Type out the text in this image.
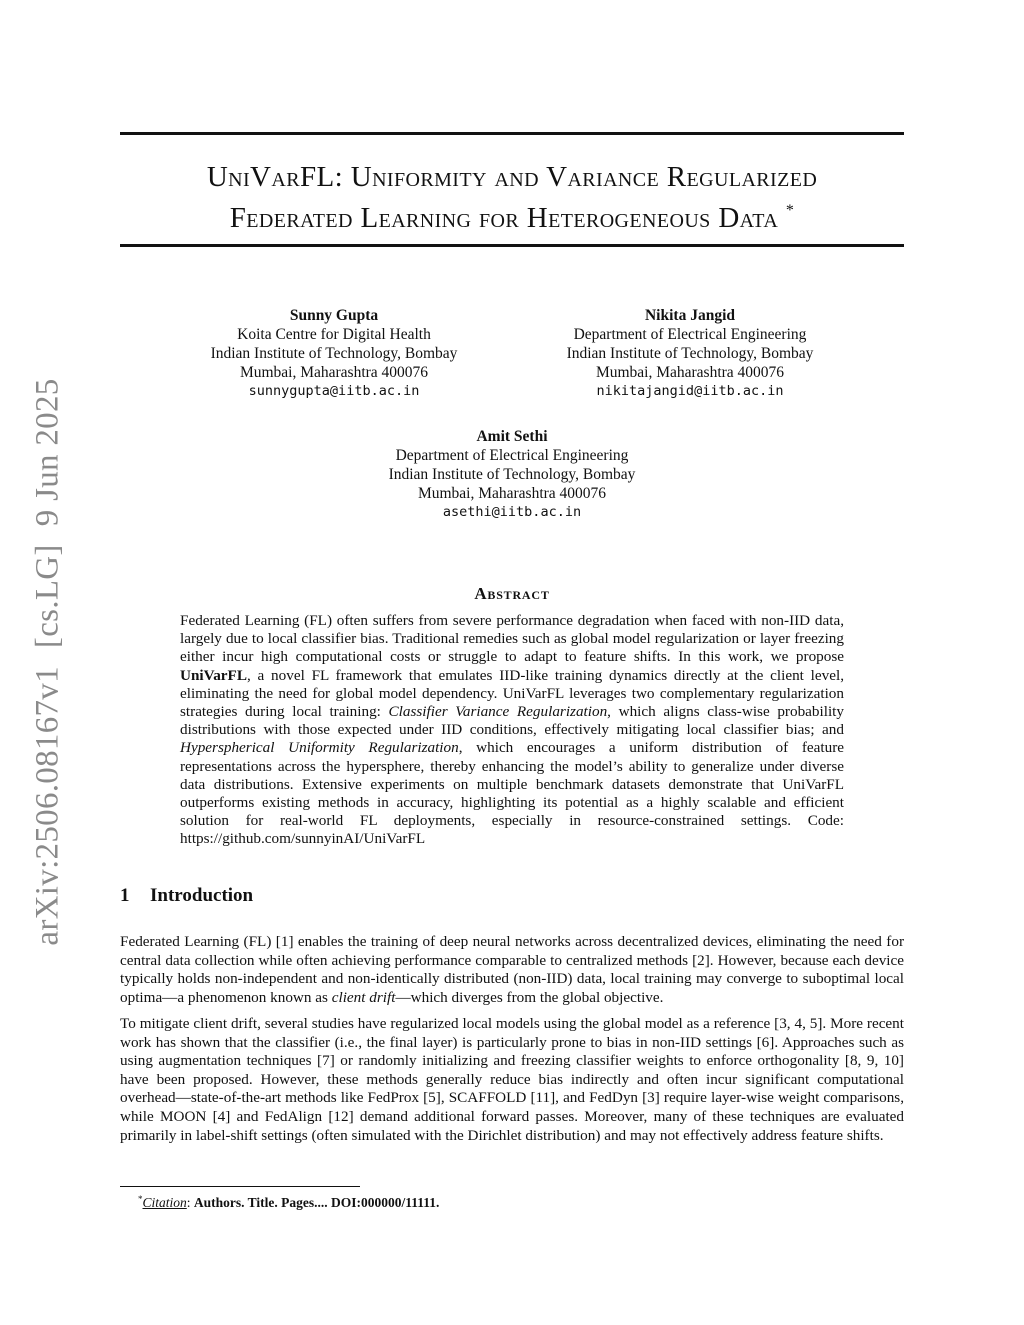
arXiv:2506.08167v1[cs.LG]9 Jun 2025
UniVarFL: Uniformity and Variance Regularized
Federated Learning for Heterogeneous Data *
Sunny Gupta
Koita Centre for Digital Health
Indian Institute of Technology, Bombay
Mumbai, Maharashtra 400076
sunnygupta@iitb.ac.in
Nikita Jangid
Department of Electrical Engineering
Indian Institute of Technology, Bombay
Mumbai, Maharashtra 400076
nikitajangid@iitb.ac.in
Amit Sethi
Department of Electrical Engineering
Indian Institute of Technology, Bombay
Mumbai, Maharashtra 400076
asethi@iitb.ac.in
Abstract
Federated Learning (FL) often suffers from severe performance degradation when faced with non-IID data, largely due to local classifier bias. Traditional remedies such as global model regularization or layer freezing either incur high computational costs or struggle to adapt to feature shifts. In this work, we propose UniVarFL, a novel FL framework that emulates IID-like training dynamics directly at the client level, eliminating the need for global model dependency. UniVarFL leverages two complementary regularization strategies during local training: Classifier Variance Regularization, which aligns class-wise probability distributions with those expected under IID conditions, effectively mitigating local classifier bias; and Hyperspherical Uniformity Regularization, which encourages a uniform distribution of feature representations across the hypersphere, thereby enhancing the model’s ability to generalize under diverse data distributions. Extensive experiments on multiple benchmark datasets demonstrate that UniVarFL outperforms existing methods in accuracy, highlighting its potential as a highly scalable and efficient solution for real-world FL deployments, especially in resource-constrained settings. Code: https://github.com/sunnyinAI/UniVarFL
1 Introduction

Federated Learning (FL) [1] enables the training of deep neural networks across decentralized devices, eliminating the need for central data collection while often achieving performance comparable to centralized methods [2]. However, because each device typically holds non-independent and non-identically distributed (non-IID) data, local training may converge to suboptimal local optima—a phenomenon known as client drift—which diverges from the global objective.

To mitigate client drift, several studies have regularized local models using the global model as a reference [3, 4, 5]. More recent work has shown that the classifier (i.e., the final layer) is particularly prone to bias in non-IID settings [6]. Approaches such as using augmentation techniques [7] or randomly initializing and freezing classifier weights to enforce orthogonality [8, 9, 10] have been proposed. However, these methods generally reduce bias indirectly and often incur significant computational overhead—state-of-the-art methods like FedProx [5], SCAFFOLD [11], and FedDyn [3] require layer-wise weight comparisons, while MOON [4] and FedAlign [12] demand additional forward passes. Moreover, many of these techniques are evaluated primarily in label-shift settings (often simulated with the Dirichlet distribution) and may not effectively address feature shifts.

*Citation: Authors. Title. Pages.... DOI:000000/11111.
